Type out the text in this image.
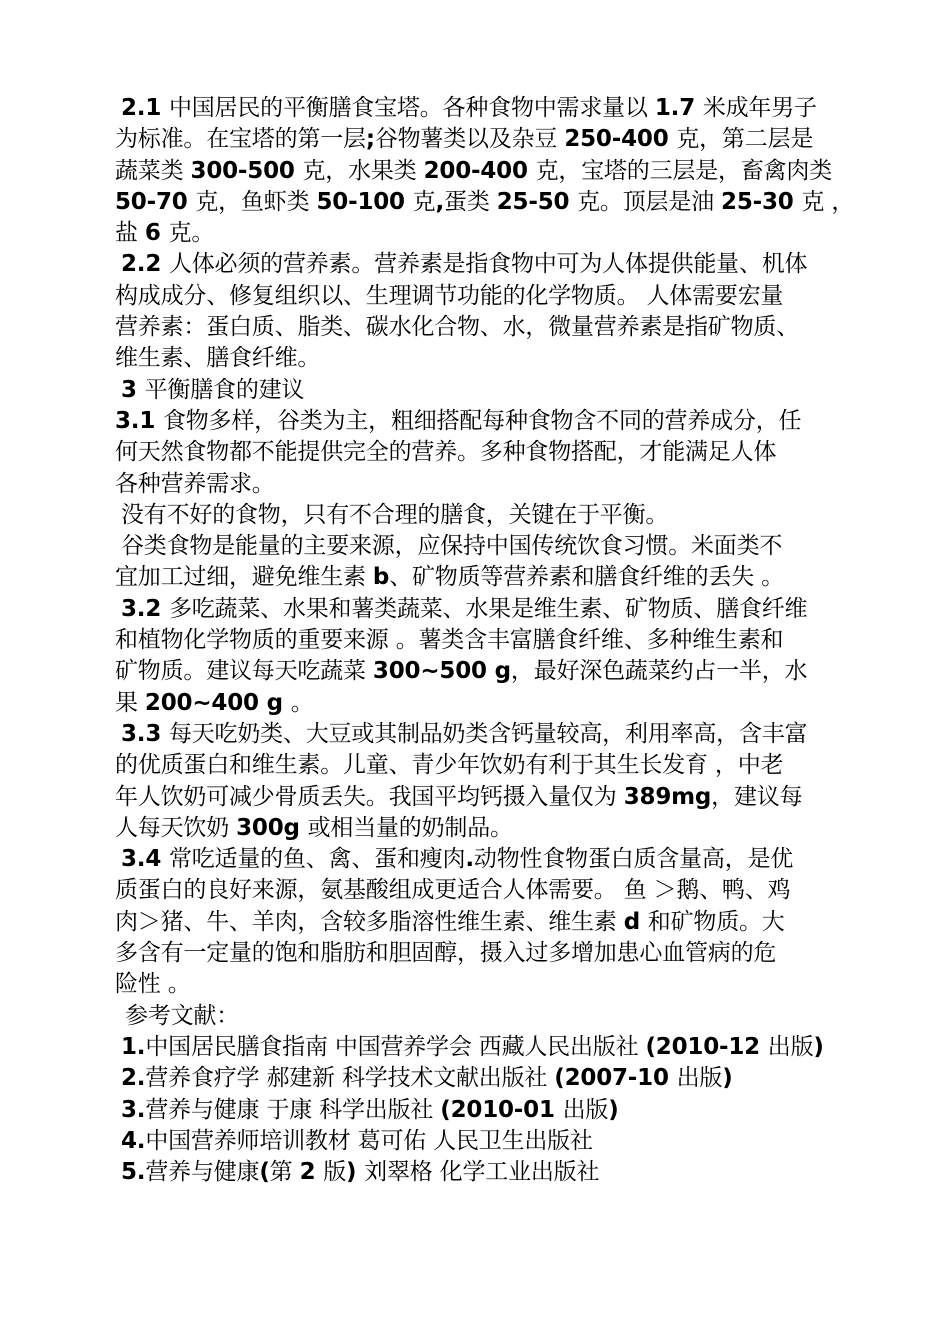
2.1 中国居民的平衡膳食宝塔。各种食物中需求量以 1.7 米成年男子
为标准。在宝塔的第一层;谷物薯类以及杂豆 250-400 克，第二层是
蔬菜类 300-500 克，水果类 200-400 克，宝塔的三层是，畜禽肉类
50-70 克，鱼虾类 50-100 克,蛋类 25-50 克。顶层是油 25-30 克 ，
盐 6 克。
2.2 人体必须的营养素。营养素是指食物中可为人体提供能量、机体
构成成分、修复组织以、生理调节功能的化学物质。 人体需要宏量
营养素：蛋白质、脂类、碳水化合物、水，微量营养素是指矿物质、
维生素、膳食纤维。
3 平衡膳食的建议
3.1 食物多样，谷类为主，粗细搭配每种食物含不同的营养成分，任
何天然食物都不能提供完全的营养。多种食物搭配，才能满足人体
各种营养需求。
没有不好的食物，只有不合理的膳食，关键在于平衡。
谷类食物是能量的主要来源，应保持中国传统饮食习惯。米面类不
宜加工过细，避免维生素 b、矿物质等营养素和膳食纤维的丢失 。
3.2 多吃蔬菜、水果和薯类蔬菜、水果是维生素、矿物质、膳食纤维
和植物化学物质的重要来源 。薯类含丰富膳食纤维、多种维生素和
矿物质。建议每天吃蔬菜 300~500 g，最好深色蔬菜约占一半，水
果 200~400 g 。
3.3 每天吃奶类、大豆或其制品奶类含钙量较高，利用率高，含丰富
的优质蛋白和维生素。儿童、青少年饮奶有利于其生长发育 ，中老
年人饮奶可减少骨质丢失。我国平均钙摄入量仅为 389mg，建议每
人每天饮奶 300g 或相当量的奶制品。
3.4 常吃适量的鱼、禽、蛋和瘦肉.动物性食物蛋白质含量高，是优
质蛋白的良好来源，氨基酸组成更适合人体需要。 鱼 ＞鹅、鸭、鸡
肉＞猪、牛、羊肉，含较多脂溶性维生素、维生素 d 和矿物质。大
多含有一定量的饱和脂肪和胆固醇，摄入过多增加患心血管病的危
险性 。
参考文献：
1.中国居民膳食指南 中国营养学会 西藏人民出版社 (2010-12 出版)
2.营养食疗学 郝建新 科学技术文献出版社 (2007-10 出版)
3.营养与健康 于康 科学出版社 (2010-01 出版)
4.中国营养师培训教材 葛可佑 人民卫生出版社
5.营养与健康(第 2 版) 刘翠格 化学工业出版社
